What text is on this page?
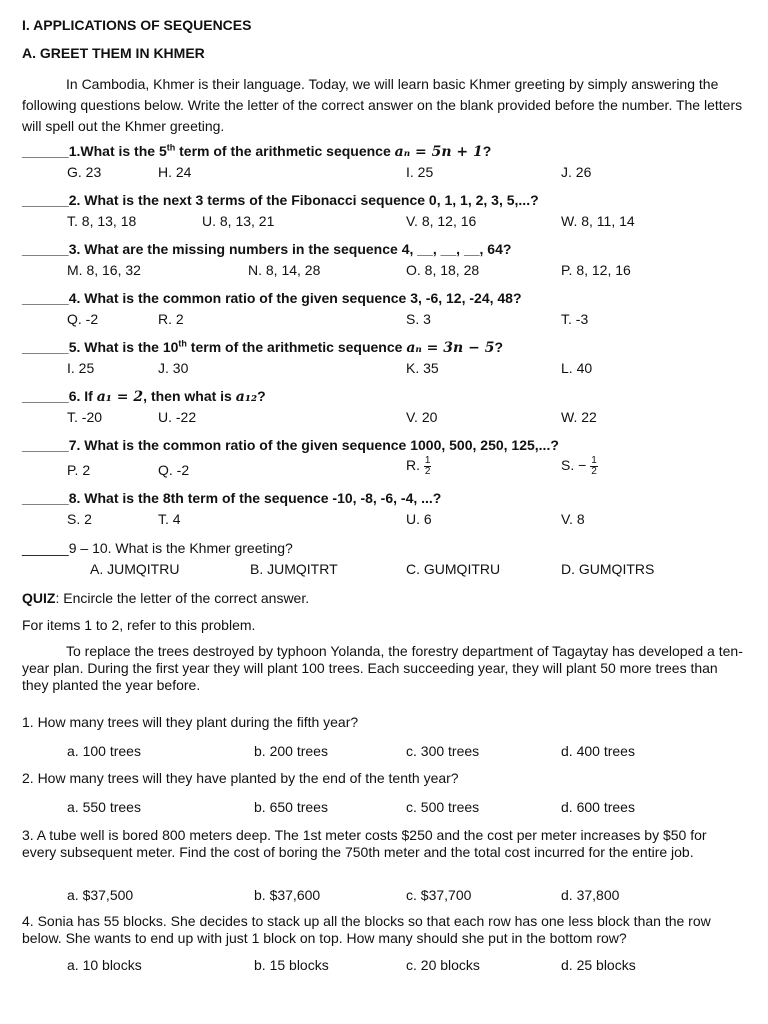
I. APPLICATIONS OF SEQUENCES
A. GREET THEM IN KHMER
In Cambodia, Khmer is their language. Today, we will learn basic Khmer greeting by simply answering the following questions below. Write the letter of the correct answer on the blank provided before the number. The letters will spell out the Khmer greeting.
______1.What is the 5th term of the arithmetic sequence aₙ = 5n + 1?
G. 23	H. 24	I. 25	J. 26
______2. What is the next 3 terms of the Fibonacci sequence 0, 1, 1, 2, 3, 5,...?
T. 8, 13, 18	U. 8, 13, 21	V. 8, 12, 16	W. 8, 11, 14
______3. What are the missing numbers in the sequence 4, __, __, __, 64?
M. 8, 16, 32	N. 8, 14, 28	O. 8, 18, 28	P. 8, 12, 16
______4. What is the common ratio of the given sequence 3, -6, 12, -24, 48?
Q. -2	R. 2	S. 3	T. -3
______5. What is the 10th term of the arithmetic sequence aₙ = 3n − 5?
I. 25	J. 30	K. 35	L. 40
______6. If a₁ = 2, then what is a₁₂?
T. -20	U. -22	V. 20	W. 22
______7. What is the common ratio of the given sequence 1000, 500, 250, 125,...?
P. 2	Q. -2	R. $\frac{1}{2}$	S. − $\frac{1}{2}$
______8. What is the 8th term of the sequence -10, -8, -6, -4, ...?
S. 2	T. 4	U. 6	V. 8
______9 – 10. What is the Khmer greeting?
A. JUMQITRU	B. JUMQITRT	C. GUMQITRU	D. GUMQITRS
QUIZ: Encircle the letter of the correct answer.
For items 1 to 2, refer to this problem.
To replace the trees destroyed by typhoon Yolanda, the forestry department of Tagaytay has developed a ten-year plan. During the first year they will plant 100 trees. Each succeeding year, they will plant 50 more trees than they planted the year before.
1. How many trees will they plant during the fifth year?
a. 100 trees	b. 200 trees	c. 300 trees	d. 400 trees
2. How many trees will they have planted by the end of the tenth year?
a. 550 trees	b. 650 trees	c. 500 trees	d. 600 trees
3. A tube well is bored 800 meters deep. The 1st meter costs $250 and the cost per meter increases by $50 for every subsequent meter. Find the cost of boring the 750th meter and the total cost incurred for the entire job.
a. $37,500	b. $37,600	c. $37,700	d. 37,800
4. Sonia has 55 blocks. She decides to stack up all the blocks so that each row has one less block than the row below. She wants to end up with just 1 block on top. How many should she put in the bottom row?
a. 10 blocks	b. 15 blocks	c. 20 blocks	d. 25 blocks
